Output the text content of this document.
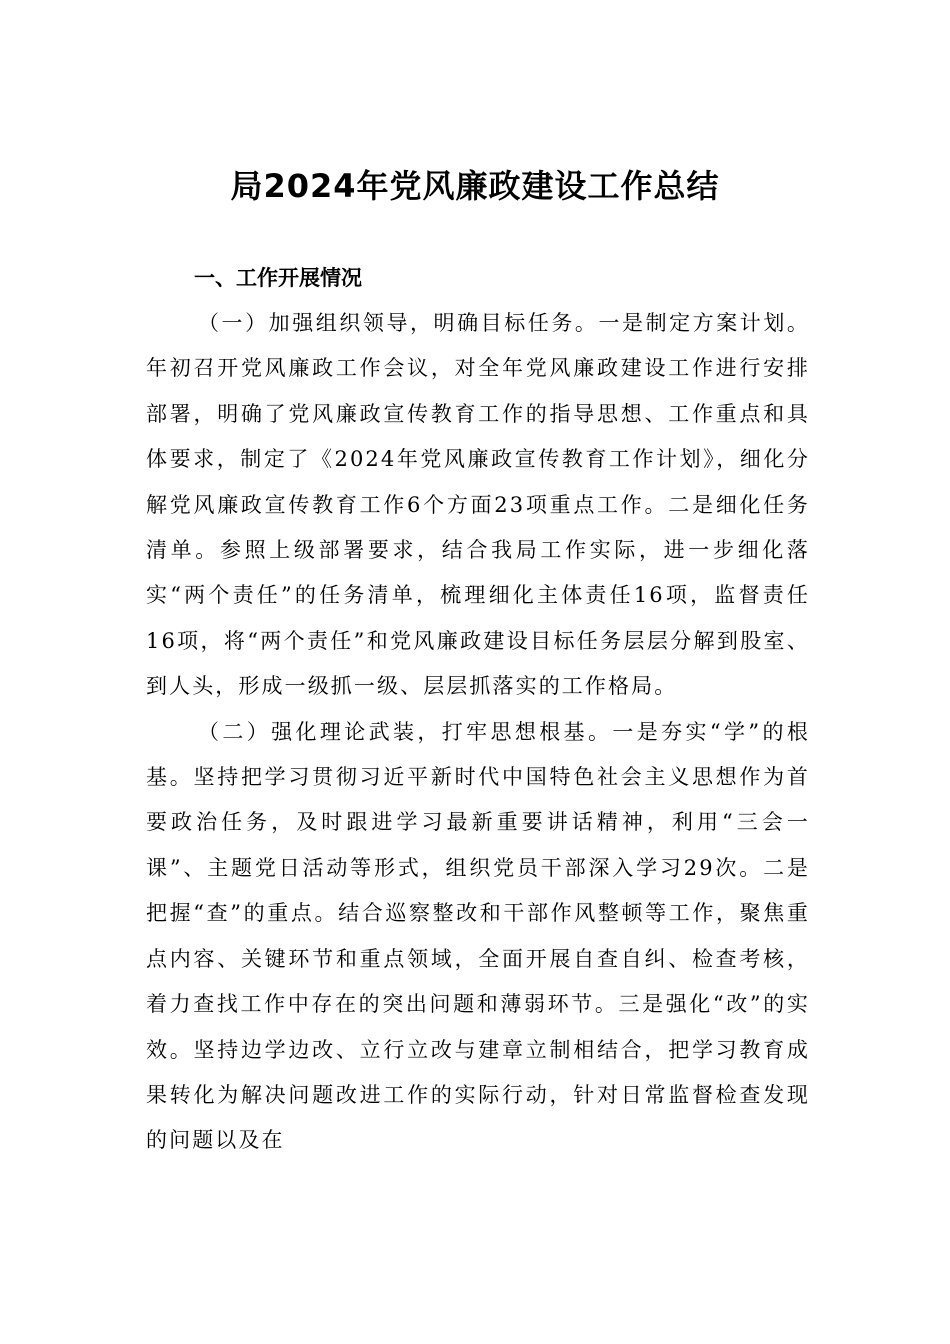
局2024年党风廉政建设工作总结

一、工作开展情况

（一）加强组织领导，明确目标任务。一是制定方案计划。年初召开党风廉政工作会议，对全年党风廉政建设工作进行安排部署，明确了党风廉政宣传教育工作的指导思想、工作重点和具体要求，制定了《2024年党风廉政宣传教育工作计划》，细化分解党风廉政宣传教育工作6个方面23项重点工作。二是细化任务清单。参照上级部署要求，结合我局工作实际，进一步细化落实“两个责任”的任务清单，梳理细化主体责任16项，监督责任16项，将“两个责任”和党风廉政建设目标任务层层分解到股室、到人头，形成一级抓一级、层层抓落实的工作格局。

（二）强化理论武装，打牢思想根基。一是夯实“学”的根基。坚持把学习贯彻习近平新时代中国特色社会主义思想作为首要政治任务，及时跟进学习最新重要讲话精神，利用“三会一课”、主题党日活动等形式，组织党员干部深入学习29次。二是把握“查”的重点。结合巡察整改和干部作风整顿等工作，聚焦重点内容、关键环节和重点领域，全面开展自查自纠、检查考核，着力查找工作中存在的突出问题和薄弱环节。三是强化“改”的实效。坚持边学边改、立行立改与建章立制相结合，把学习教育成果转化为解决问题改进工作的实际行动，针对日常监督检查发现的问题以及在
